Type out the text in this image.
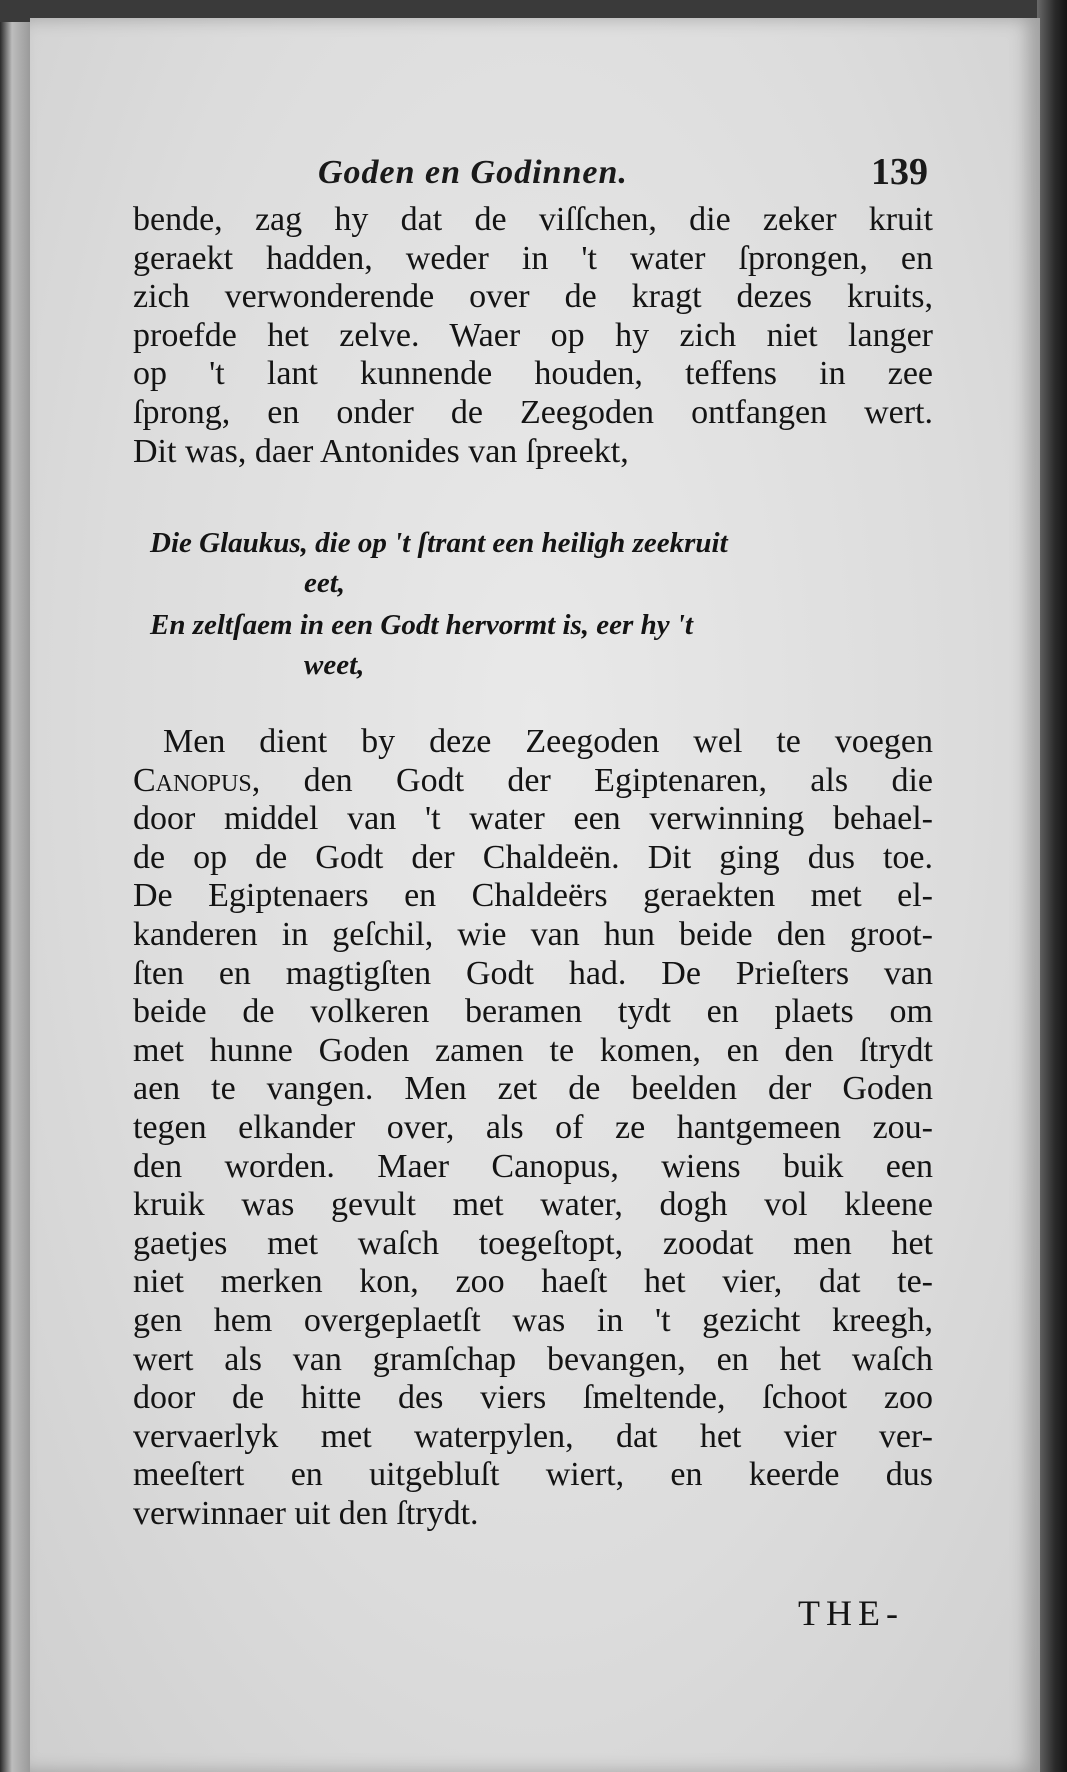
Goden en Godinnen.	139
bende, zag hy dat de viſſchen, die zeker kruit
geraekt hadden, weder in 't water ſprongen, en
zich verwonderende over de kragt dezes kruits,
proefde het zelve. Waer op hy zich niet langer
op 't lant kunnende houden, teffens in zee
ſprong, en onder de Zeegoden ontfangen wert.
Dit was, daer Antonides van ſpreekt,
Die Glaukus, die op 't ſtrant een heiligh zeekruit
eet,
En zeltſaem in een Godt hervormt is, eer hy 't
weet,
Men dient by deze Zeegoden wel te voegen
Canopus, den Godt der Egiptenaren, als die
door middel van 't water een verwinning behael-
de op de Godt der Chaldeën. Dit ging dus toe.
De Egiptenaers en Chaldeërs geraekten met el-
kanderen in geſchil, wie van hun beide den groot-
ſten en magtigſten Godt had. De Prieſters van
beide de volkeren beramen tydt en plaets om
met hunne Goden zamen te komen, en den ſtrydt
aen te vangen. Men zet de beelden der Goden
tegen elkander over, als of ze hantgemeen zou-
den worden. Maer Canopus, wiens buik een
kruik was gevult met water, dogh vol kleene
gaetjes met waſch toegeſtopt, zoodat men het
niet merken kon, zoo haeſt het vier, dat te-
gen hem overgeplaetſt was in 't gezicht kreegh,
wert als van gramſchap bevangen, en het waſch
door de hitte des viers ſmeltende, ſchoot zoo
vervaerlyk met waterpylen, dat het vier ver-
meeſtert en uitgebluſt wiert, en keerde dus
verwinnaer uit den ſtrydt.
THE-
